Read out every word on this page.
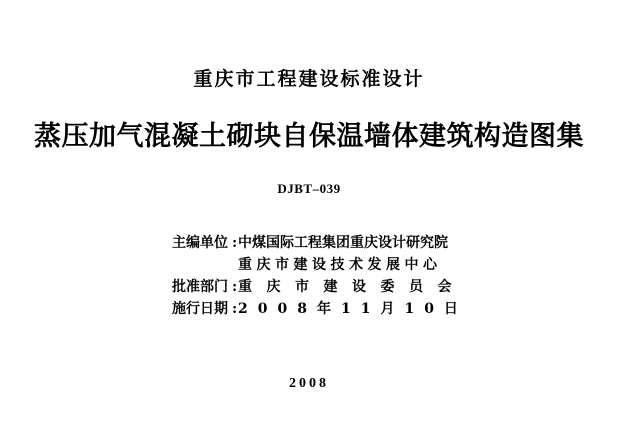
重庆市工程建设标准设计
蒸压加气混凝土砌块自保温墙体建筑构造图集
DJBT–039
主编单位 :中煤国际工程集团重庆设计研究院
重庆市建设技术发展中心
批准部门 :重庆市建设委员会
施行日期 :2008年11月10日
2008
